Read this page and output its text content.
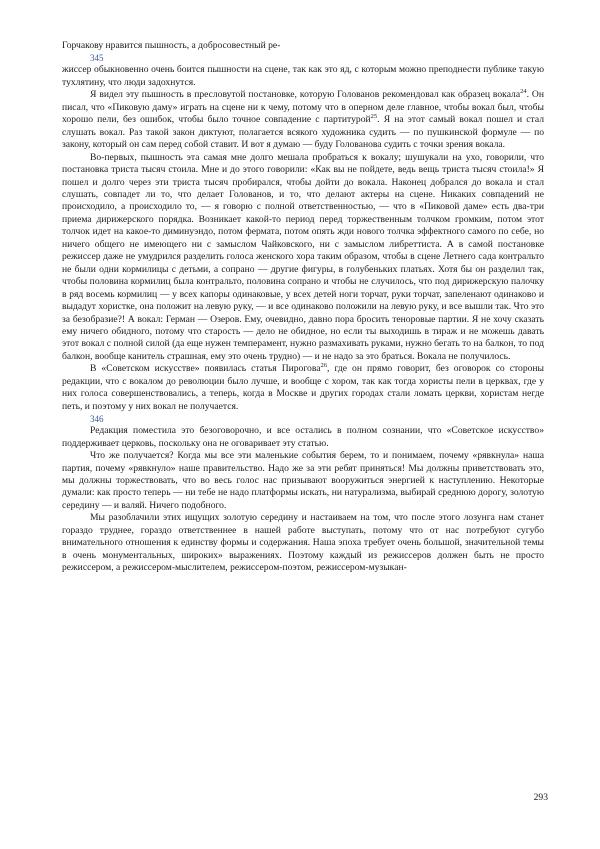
Горчакову нравится пышность, а добросовестный ре-

345

жиссер обыкновенно очень боится пышности на сцене, так как это яд, с которым можно преподнести публике такую тухлятину, что люди задохнутся.

Я видел эту пышность в пресловутой постановке, которую Голованов рекомендовал как образец вокала$^{24}$. Он писал, что «Пиковую даму» играть на сцене ни к чему, потому что в оперном деле главное, чтобы вокал был, чтобы хорошо пели, без ошибок, чтобы было точное совпадение с партитурой$^{25}$. Я на этот самый вокал пошел и стал слушать вокал. Раз такой закон диктуют, полагается всякого художника судить — по пушкинской формуле — по закону, который он сам перед собой ставит. И вот я думаю — буду Голованова судить с точки зрения вокала.

Во-первых, пышность эта самая мне долго мешала пробраться к вокалу; шушукали на ухо, говорили, что постановка триста тысяч стоила. Мне и до этого говорили: «Как вы не пойдете, ведь вещь триста тысяч стоила!» Я пошел и долго через эти триста тысяч пробирался, чтобы дойти до вокала. Наконец добрался до вокала и стал слушать, совпадет ли то, что делает Голованов, и то, что делают актеры на сцене. Никаких совпадений не происходило, а происходило то, — я говорю с полной ответственностью, — что в «Пиковой даме» есть два-три приема дирижерского порядка. Возникает какой-то период перед торжественным толчком громким, потом этот толчок идет на какое-то диминуэндо, потом фермата, потом опять жди нового толчка эффектного самого по себе, но ничего общего не имеющего ни с замыслом Чайковского, ни с замыслом либреттиста. А в самой постановке режиссер даже не умудрился разделить голоса женского хора таким образом, чтобы в сцене Летнего сада контральто не были одни кормилицы с детьми, а сопрано — другие фигуры, в голубеньких платьях. Хотя бы он разделил так, чтобы половина кормилиц была контральто, половина сопрано и чтобы не случилось, что под дирижерскую палочку в ряд восемь кормилиц — у всех капоры одинаковые, у всех детей ноги торчат, руки торчат, запеленают одинаково и выдадут хористке, она положит на левую руку, — и все одинаково положили на левую руку, и все вышли так. Что это за безобразие?! А вокал: Герман — Озеров. Ему, очевидно, давно пора бросить теноровые партии. Я не хочу сказать ему ничего обидного, потому что старость — дело не обидное, но если ты выходишь в тираж и не можешь давать этот вокал с полной силой (да еще нужен темперамент, нужно размахивать руками, нужно бегать то на балкон, то под балкон, вообще канитель страшная, ему это очень трудно) — и не надо за это браться. Вокала не получилось.

В «Советском искусстве» появилась статья Пирогова$^{26}$, где он прямо говорит, без оговорок со стороны редакции, что с вокалом до революции было лучше, и вообще с хором, так как тогда хористы пели в церквах, где у них голоса совершенствовались, а теперь, когда в Москве и других городах стали ломать церкви, хористам негде петь, и поэтому у них вокал не получается.

346

Редакция поместила это безоговорочно, и все остались в полном сознании, что «Советское искусство» поддерживает церковь, поскольку она не оговаривает эту статью.

Что же получается? Когда мы все эти маленькие события берем, то и понимаем, почему «рявкнула» наша партия, почему «рявкнуло» наше правительство. Надо же за эти ребят приняться! Мы должны приветствовать это, мы должны торжествовать, что во весь голос нас призывают вооружиться энергией к наступлению. Некоторые думали: как просто теперь — ни тебе не надо платформы искать, ни натурализма, выбирай среднюю дорогу, золотую середину — и валяй. Ничего подобного.

Мы разоблачили этих ищущих золотую середину и настаиваем на том, что после этого лозунга нам станет гораздо труднее, гораздо ответственнее в нашей работе выступать, потому что от нас потребуют сугубо внимательного отношения к единству формы и содержания. Наша эпоха требует очень большой, значительной темы в очень монументальных, широких» выражениях. Поэтому каждый из режиссеров должен быть не просто режиссером, а режиссером-мыслителем, режиссером-поэтом, режиссером-музыкан-

293
